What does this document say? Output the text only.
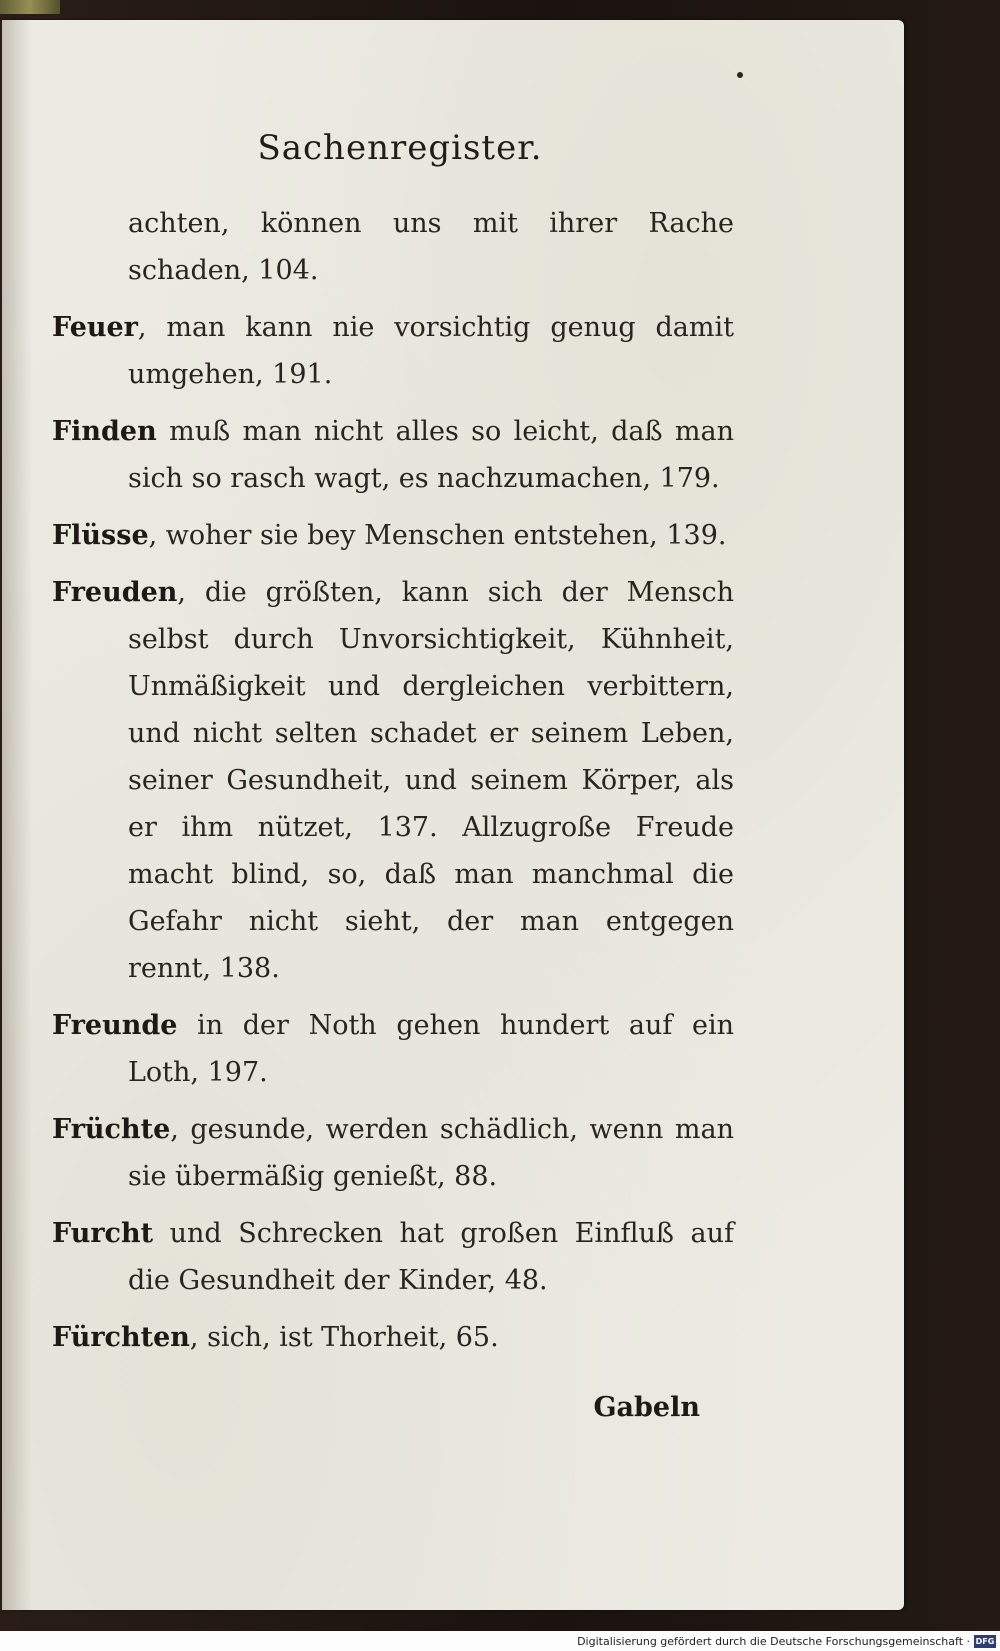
Sachenregister.

achten, können uns mit ihrer Rache schaden, 104.

Feuer, man kann nie vorsichtig genug damit umgehen, 191.

Finden muß man nicht alles so leicht, daß man sich so rasch wagt, es nachzumachen, 179.

Flüsse, woher sie bey Menschen entstehen, 139.

Freuden, die größten, kann sich der Mensch selbst durch Unvorsichtigkeit, Kühnheit, Unmäßigkeit und dergleichen verbittern, und nicht selten schadet er seinem Leben, seiner Gesundheit, und seinem Körper, als er ihm nützet, 137. Allzugroße Freude macht blind, so, daß man manchmal die Gefahr nicht sieht, der man entgegen rennt, 138.

Freunde in der Noth gehen hundert auf ein Loth, 197.

Früchte, gesunde, werden schädlich, wenn man sie übermäßig genießt, 88.

Furcht und Schrecken hat großen Einfluß auf die Gesundheit der Kinder, 48.

Fürchten, sich, ist Thorheit, 65.

Gabeln
Digitalisierung gefördert durch die Deutsche Forschungsgemeinschaft · DFG
